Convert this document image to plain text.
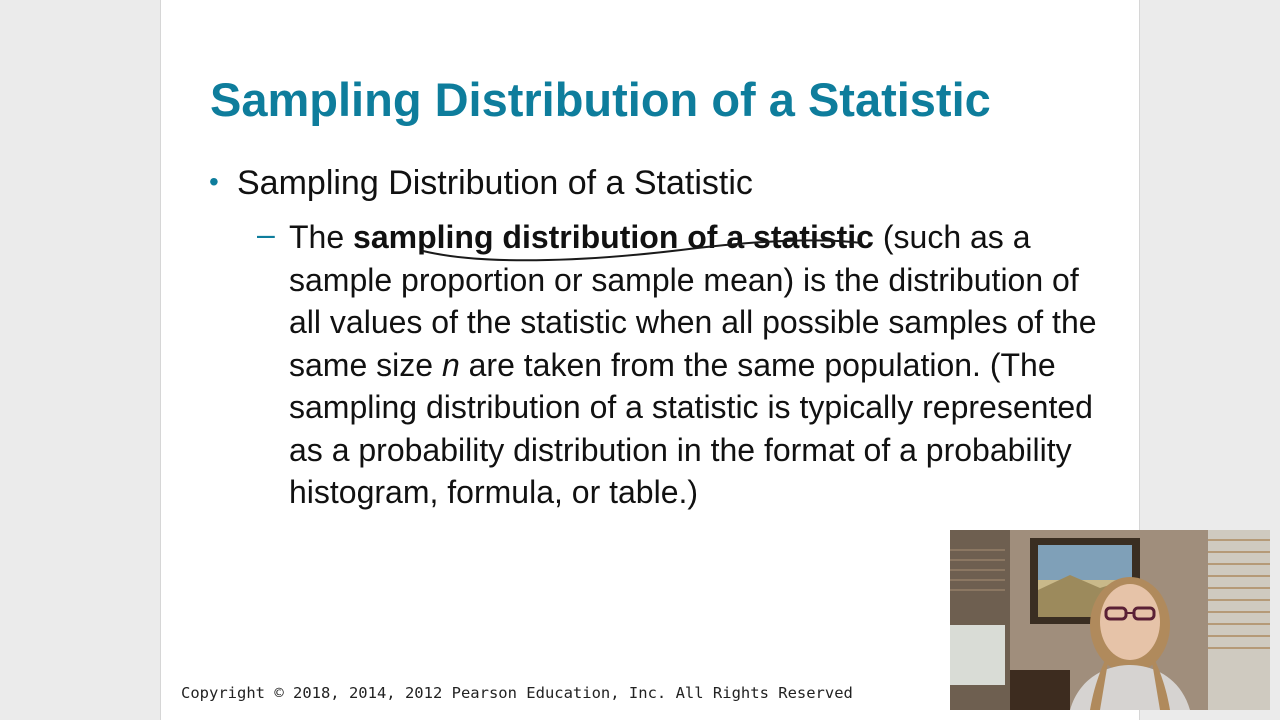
Sampling Distribution of a Statistic
• Sampling Distribution of a Statistic
– The sampling distribution of a statistic (such as a sample proportion or sample mean) is the distribution of all values of the statistic when all possible samples of the same size n are taken from the same population. (The sampling distribution of a statistic is typically represented as a probability distribution in the format of a probability histogram, formula, or table.)
Copyright © 2018, 2014, 2012 Pearson Education, Inc. All Rights Reserved
